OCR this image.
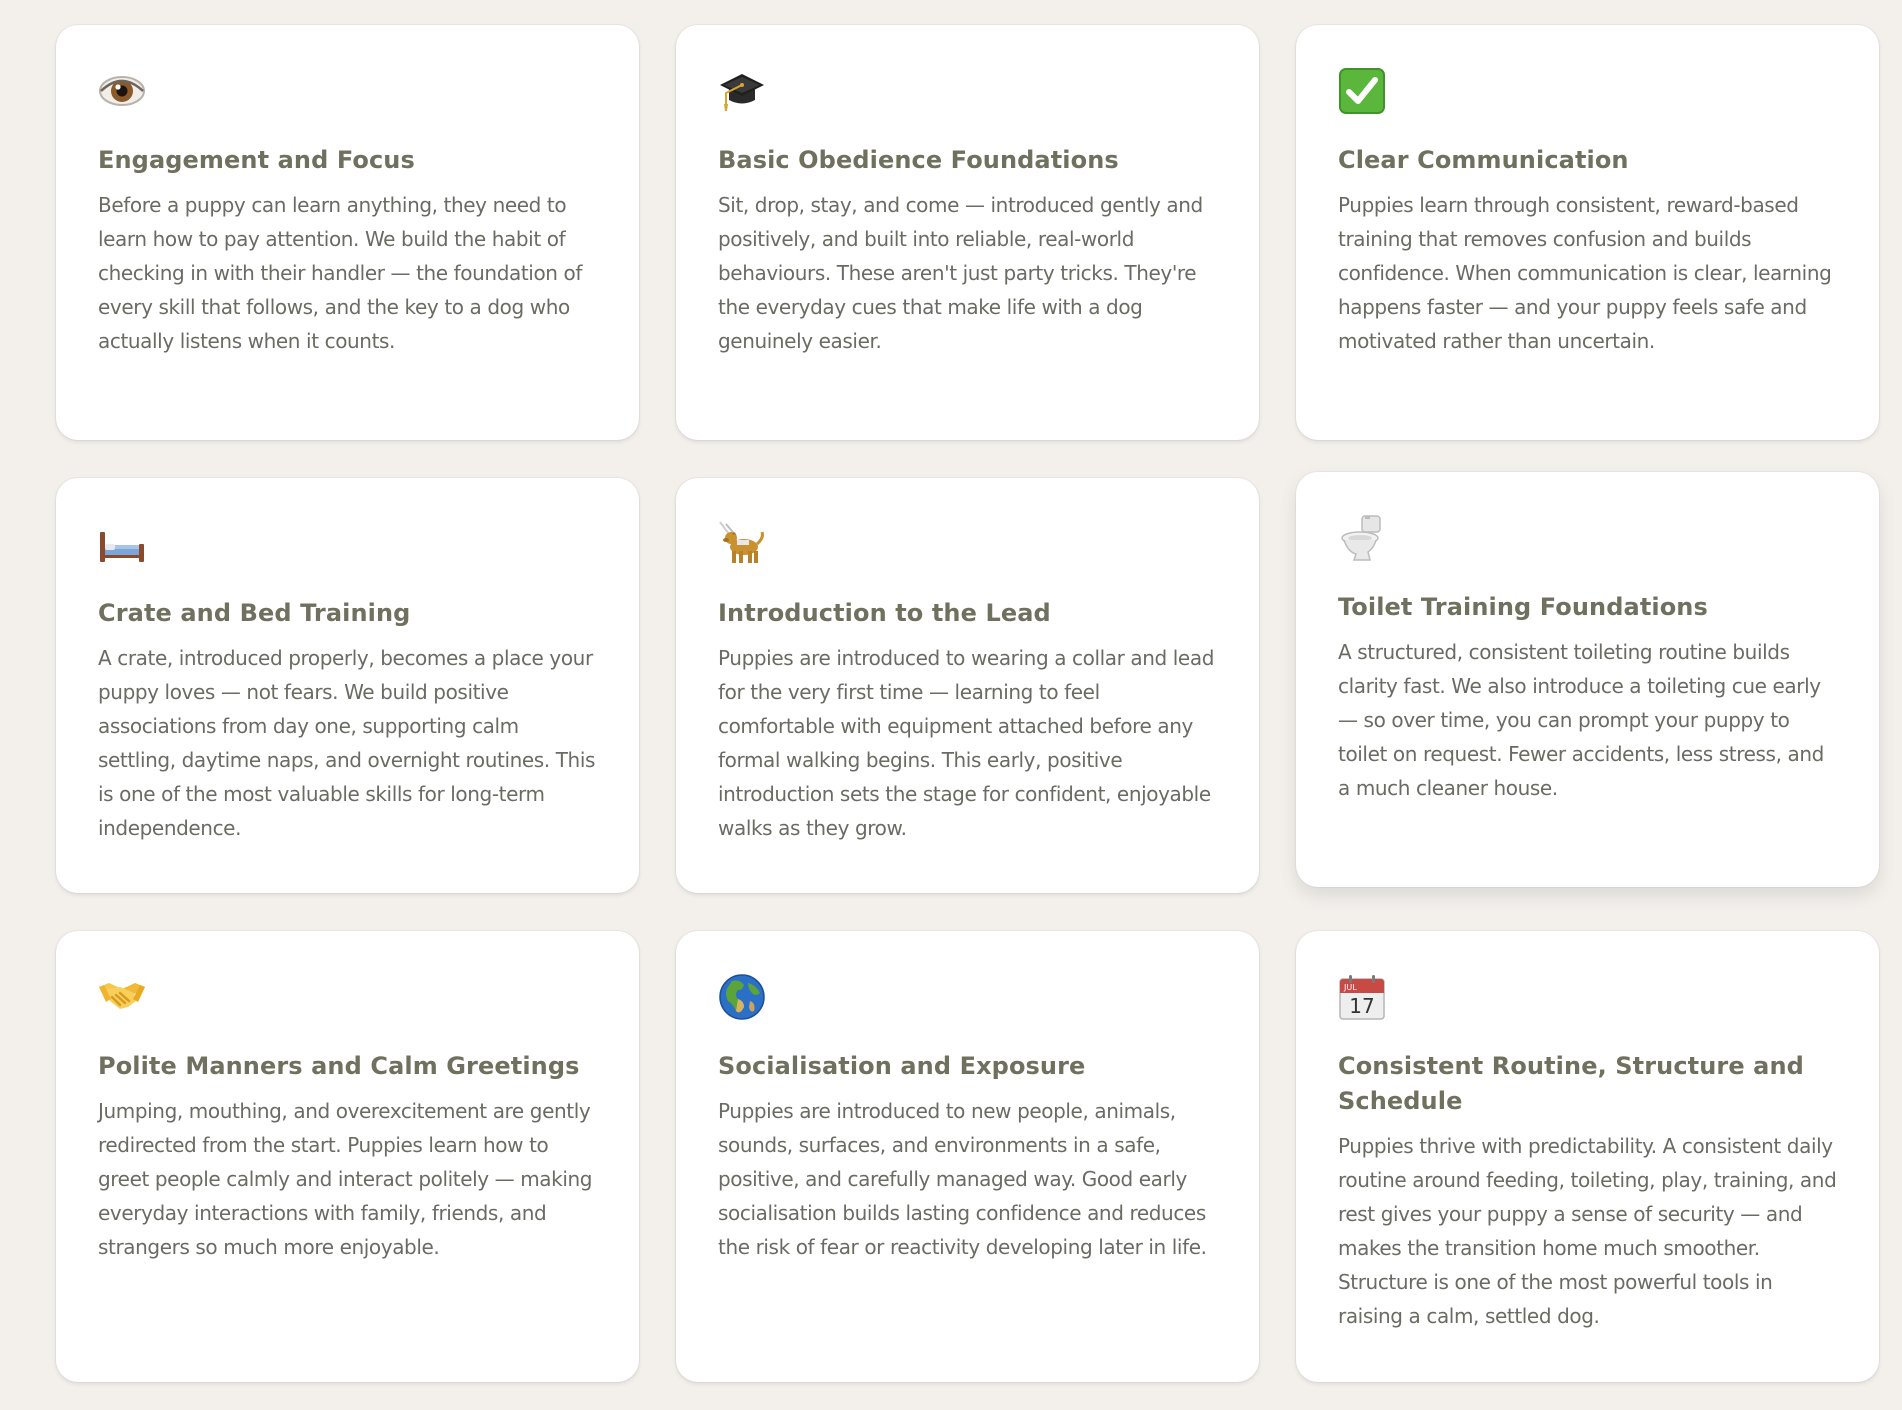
Engagement and Focus

Before a puppy can learn anything, they need to learn how to pay attention. We build the habit of checking in with their handler — the foundation of every skill that follows, and the key to a dog who actually listens when it counts.

Basic Obedience Foundations

Sit, drop, stay, and come — introduced gently and positively, and built into reliable, real-world behaviours. These aren't just party tricks. They're the everyday cues that make life with a dog genuinely easier.

Clear Communication

Puppies learn through consistent, reward-based training that removes confusion and builds confidence. When communication is clear, learning happens faster — and your puppy feels safe and motivated rather than uncertain.

Crate and Bed Training

A crate, introduced properly, becomes a place your puppy loves — not fears. We build positive associations from day one, supporting calm settling, daytime naps, and overnight routines. This is one of the most valuable skills for long-term independence.

Introduction to the Lead

Puppies are introduced to wearing a collar and lead for the very first time — learning to feel comfortable with equipment attached before any formal walking begins. This early, positive introduction sets the stage for confident, enjoyable walks as they grow.

Toilet Training Foundations

A structured, consistent toileting routine builds clarity fast. We also introduce a toileting cue early — so over time, you can prompt your puppy to toilet on request. Fewer accidents, less stress, and a much cleaner house.

Polite Manners and Calm Greetings

Jumping, mouthing, and overexcitement are gently redirected from the start. Puppies learn how to greet people calmly and interact politely — making everyday interactions with family, friends, and strangers so much more enjoyable.

Socialisation and Exposure

Puppies are introduced to new people, animals, sounds, surfaces, and environments in a safe, positive, and carefully managed way. Good early socialisation builds lasting confidence and reduces the risk of fear or reactivity developing later in life.

JUL
17
Consistent Routine, Structure and Schedule

Puppies thrive with predictability. A consistent daily routine around feeding, toileting, play, training, and rest gives your puppy a sense of security — and makes the transition home much smoother. Structure is one of the most powerful tools in raising a calm, settled dog.
